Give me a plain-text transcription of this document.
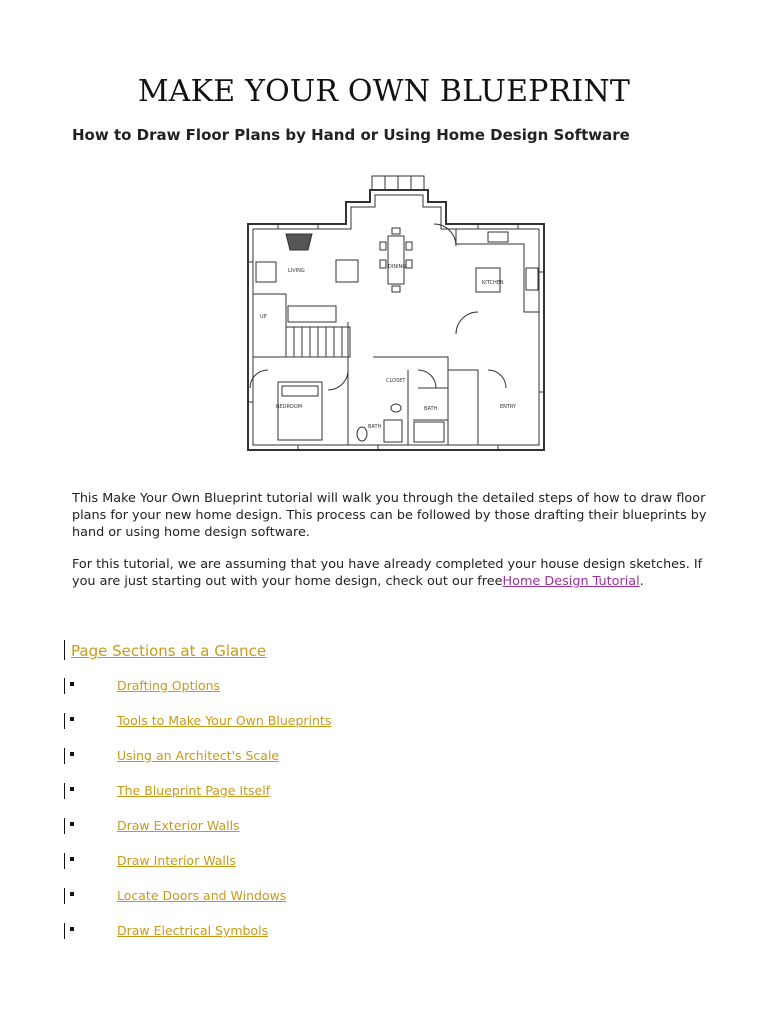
MAKE YOUR OWN BLUEPRINT
How to Draw Floor Plans by Hand or Using Home Design Software
LIVING
DINING
KITCHEN
BEDROOM
CLOSET
BATH
BATH
ENTRY
UP
This Make Your Own Blueprint tutorial will walk you through the detailed steps of how to draw floor plans for your new home design. This process can be followed by those drafting their blueprints by hand or using home design software.
For this tutorial, we are assuming that you have already completed your house design sketches. If you are just starting out with your home design, check out our freeHome Design Tutorial.
Page Sections at a Glance
Drafting Options
Tools to Make Your Own Blueprints
Using an Architect's Scale
The Blueprint Page Itself
Draw Exterior Walls
Draw Interior Walls
Locate Doors and Windows
Draw Electrical Symbols
